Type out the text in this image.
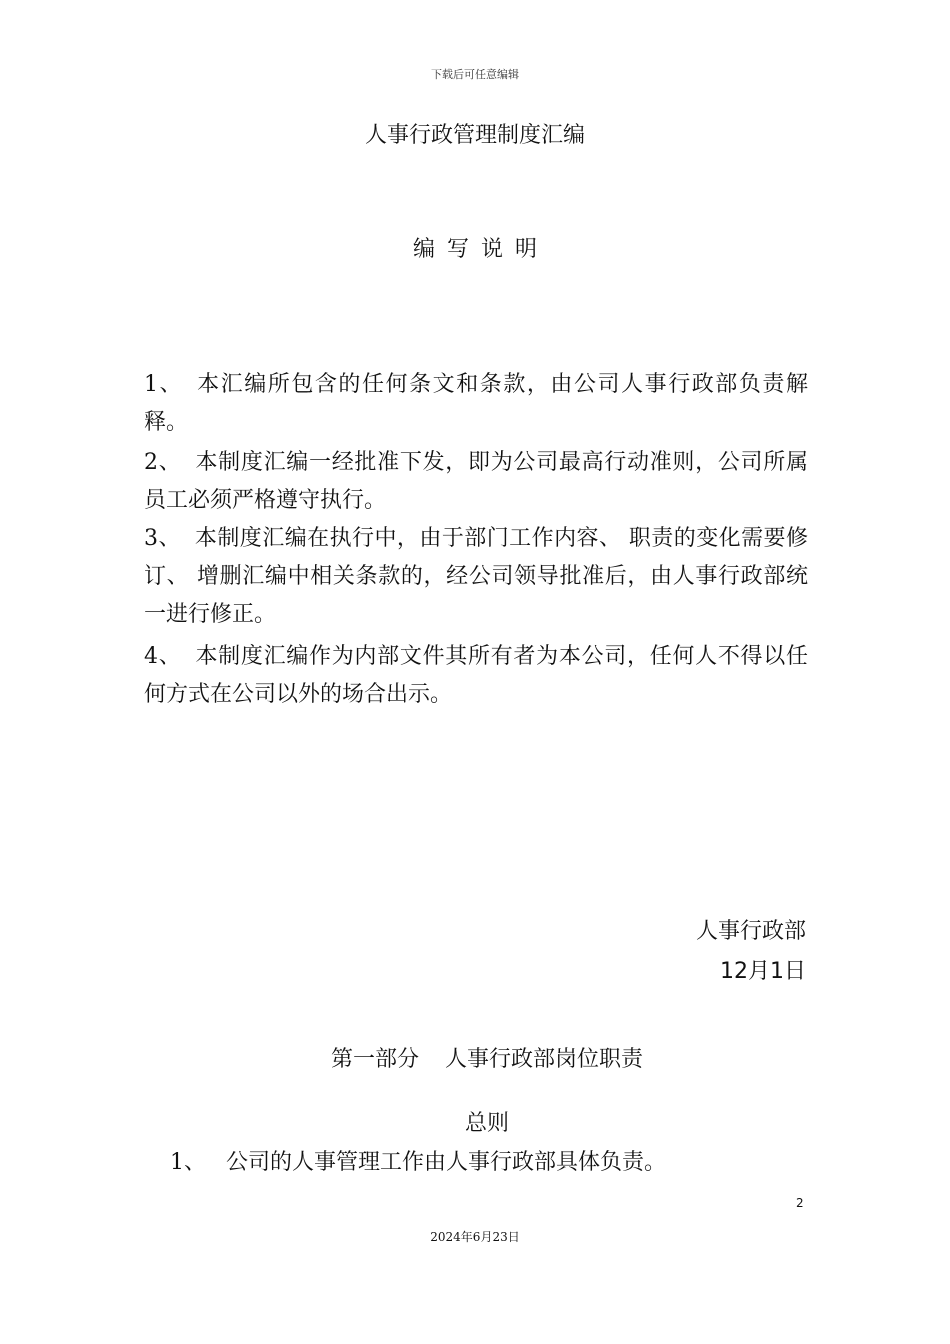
下载后可任意编辑
人事行政管理制度汇编
编写说明
1、 本汇编所包含的任何条文和条款，由公司人事行政部负责解释。
2、 本制度汇编一经批准下发，即为公司最高行动准则，公司所属员工必须严格遵守执行。
3、 本制度汇编在执行中，由于部门工作内容、 职责的变化需要修订、 增删汇编中相关条款的，经公司领导批准后，由人事行政部统一进行修正。
4、 本制度汇编作为内部文件其所有者为本公司，任何人不得以任何方式在公司以外的场合出示。
人事行政部
12月1日
第一部分 人事行政部岗位职责
总则
1、 公司的人事管理工作由人事行政部具体负责。
2
2024年6月23日
